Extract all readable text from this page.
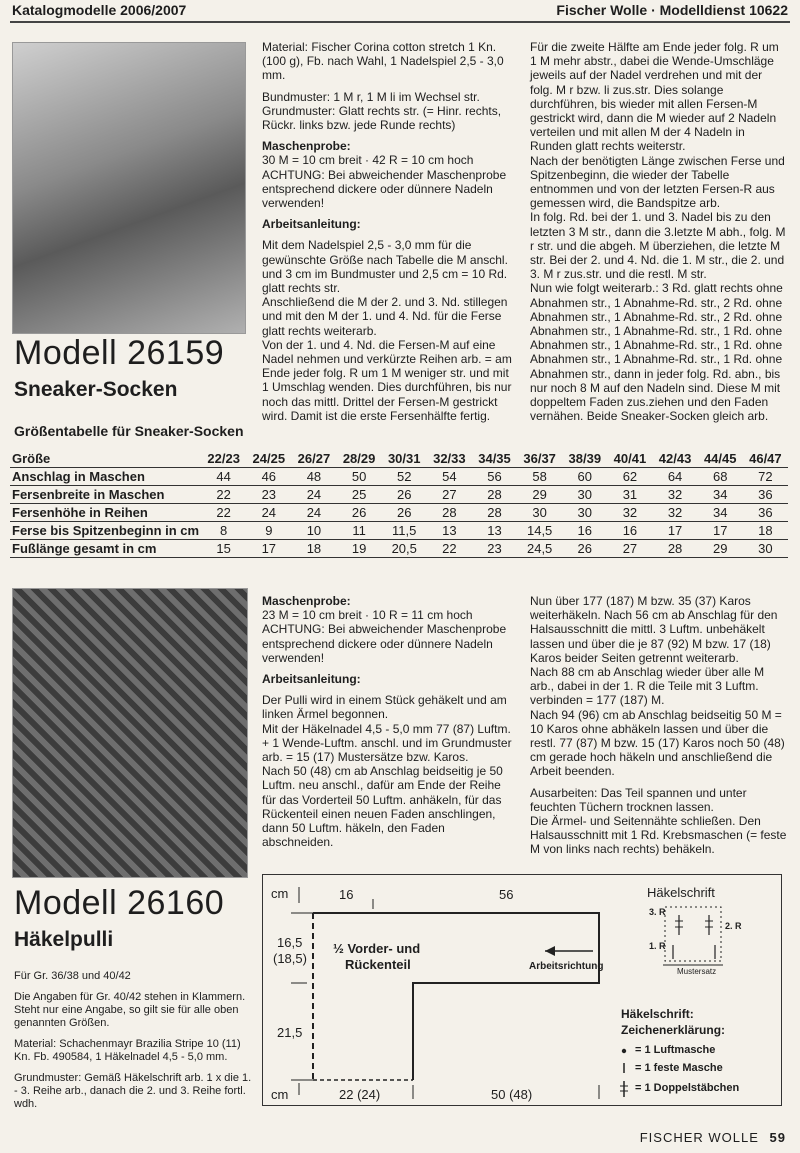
Katalogmodelle 2006/2007	Fischer Wolle · Modelldienst 10622
Modell 26159
Sneaker-Socken
Größentabelle für Sneaker-Socken

Material: Fischer Corina cotton stretch 1 Kn. (100 g), Fb. nach Wahl, 1 Nadelspiel 2,5 - 3,0 mm.

Bundmuster: 1 M r, 1 M li im Wechsel str.

Grundmuster: Glatt rechts str. (= Hinr. rechts, Rückr. links bzw. jede Runde rechts)

Maschenprobe:

30 M = 10 cm breit · 42 R = 10 cm hoch

ACHTUNG: Bei abweichender Maschenprobe entsprechend dickere oder dünnere Nadeln verwenden!

Arbeitsanleitung:

Mit dem Nadelspiel 2,5 - 3,0 mm für die gewünschte Größe nach Tabelle die M anschl. und 3 cm im Bundmuster und 2,5 cm = 10 Rd. glatt rechts str.

Anschließend die M der 2. und 3. Nd. stillegen und mit den M der 1. und 4. Nd. für die Ferse glatt rechts weiterarb.

Von der 1. und 4. Nd. die Fersen-M auf eine Nadel nehmen und verkürzte Reihen arb. = am Ende jeder folg. R um 1 M weniger str. und mit 1 Umschlag wenden. Dies durchführen, bis nur noch das mittl. Drittel der Fersen-M gestrickt wird. Damit ist die erste Fersenhälfte fertig.

Für die zweite Hälfte am Ende jeder folg. R um 1 M mehr abstr., dabei die Wende-Umschläge jeweils auf der Nadel verdrehen und mit der folg. M r bzw. li zus.str. Dies solange durchführen, bis wieder mit allen Fersen-M gestrickt wird, dann die M wieder auf 2 Nadeln verteilen und mit allen M der 4 Nadeln in Runden glatt rechts weiterstr.

Nach der benötigten Länge zwischen Ferse und Spitzenbeginn, die wieder der Tabelle entnommen und von der letzten Fersen-R aus gemessen wird, die Bandspitze arb.

In folg. Rd. bei der 1. und 3. Nadel bis zu den letzten 3 M str., dann die 3.letzte M abh., folg. M r str. und die abgeh. M überziehen, die letzte M str. Bei der 2. und 4. Nd. die 1. M str., die 2. und 3. M r zus.str. und die restl. M str.

Nun wie folgt weiterarb.: 3 Rd. glatt rechts ohne Abnahmen str., 1 Abnahme-Rd. str., 2 Rd. ohne Abnahmen str., 1 Abnahme-Rd. str., 2 Rd. ohne Abnahmen str., 1 Abnahme-Rd. str., 1 Rd. ohne Abnahmen str., 1 Abnahme-Rd. str., 1 Rd. ohne Abnahmen str., 1 Abnahme-Rd. str., 1 Rd. ohne Abnahmen str., dann in jeder folg. Rd. abn., bis nur noch 8 M auf den Nadeln sind. Diese M mit doppeltem Faden zus.ziehen und den Faden vernähen. Beide Sneaker-Socken gleich arb.

Größe	22/23	24/25	26/27	28/29	30/31	32/33	34/35	36/37	38/39	40/41	42/43	44/45	46/47
Anschlag in Maschen	44	46	48	50	52	54	56	58	60	62	64	68	72
Fersenbreite in Maschen	22	23	24	25	26	27	28	29	30	31	32	34	36
Fersenhöhe in Reihen	22	24	24	26	26	28	28	30	30	32	32	34	36
Ferse bis Spitzenbeginn in cm	8	9	10	11	11,5	13	13	14,5	16	16	17	17	18
Fußlänge gesamt in cm	15	17	18	19	20,5	22	23	24,5	26	27	28	29	30
Modell 26160
Häkelpulli

Für Gr. 36/38 und 40/42

Die Angaben für Gr. 40/42 stehen in Klammern. Steht nur eine Angabe, so gilt sie für alle oben genannten Größen.

Material: Schachenmayr Brazilia Stripe 10 (11) Kn. Fb. 490584, 1 Häkelnadel 4,5 - 5,0 mm.

Grundmuster: Gemäß Häkelschrift arb. 1 x die 1. - 3. Reihe arb., danach die 2. und 3. Reihe fortl. wdh.

Maschenprobe:

23 M = 10 cm breit · 10 R = 11 cm hoch

ACHTUNG: Bei abweichender Maschenprobe entsprechend dickere oder dünnere Nadeln verwenden!

Arbeitsanleitung:

Der Pulli wird in einem Stück gehäkelt und am linken Ärmel begonnen.

Mit der Häkelnadel 4,5 - 5,0 mm 77 (87) Luftm. + 1 Wende-Luftm. anschl. und im Grundmuster arb. = 15 (17) Mustersätze bzw. Karos.

Nach 50 (48) cm ab Anschlag beidseitig je 50 Luftm. neu anschl., dafür am Ende der Reihe für das Vorderteil 50 Luftm. anhäkeln, für das Rückenteil einen neuen Faden anschlingen, dann 50 Luftm. häkeln, den Faden abschneiden.

Nun über 177 (187) M bzw. 35 (37) Karos weiterhäkeln. Nach 56 cm ab Anschlag für den Halsausschnitt die mittl. 3 Luftm. unbehäkelt lassen und über die je 87 (92) M bzw. 17 (18) Karos beider Seiten getrennt weiterarb.

Nach 88 cm ab Anschlag wieder über alle M arb., dabei in der 1. R die Teile mit 3 Luftm. verbinden = 177 (187) M.

Nach 94 (96) cm ab Anschlag beidseitig 50 M = 10 Karos ohne abhäkeln lassen und über die restl. 77 (87) M bzw. 15 (17) Karos noch 50 (48) cm gerade hoch häkeln und anschließend die Arbeit beenden.

Ausarbeiten: Das Teil spannen und unter feuchten Tüchern trocknen lassen.

Die Ärmel- und Seitennähte schließen. Den Halsausschnitt mit 1 Rd. Krebsmaschen (= feste M von links nach rechts) behäkeln.

cm	16	56
16,5
(18,5)
21,5
cm	22 (24)	50 (48)
½ Vorder- und
Rückenteil	Arbeitsrichtung
Häkelschrift
3. R
2. R
1. R
Mustersatz
Häkelschrift:
Zeichenerklärung:
= 1 Luftmasche
= 1 feste Masche
= 1 Doppelstäbchen
FISCHER WOLLE 59
